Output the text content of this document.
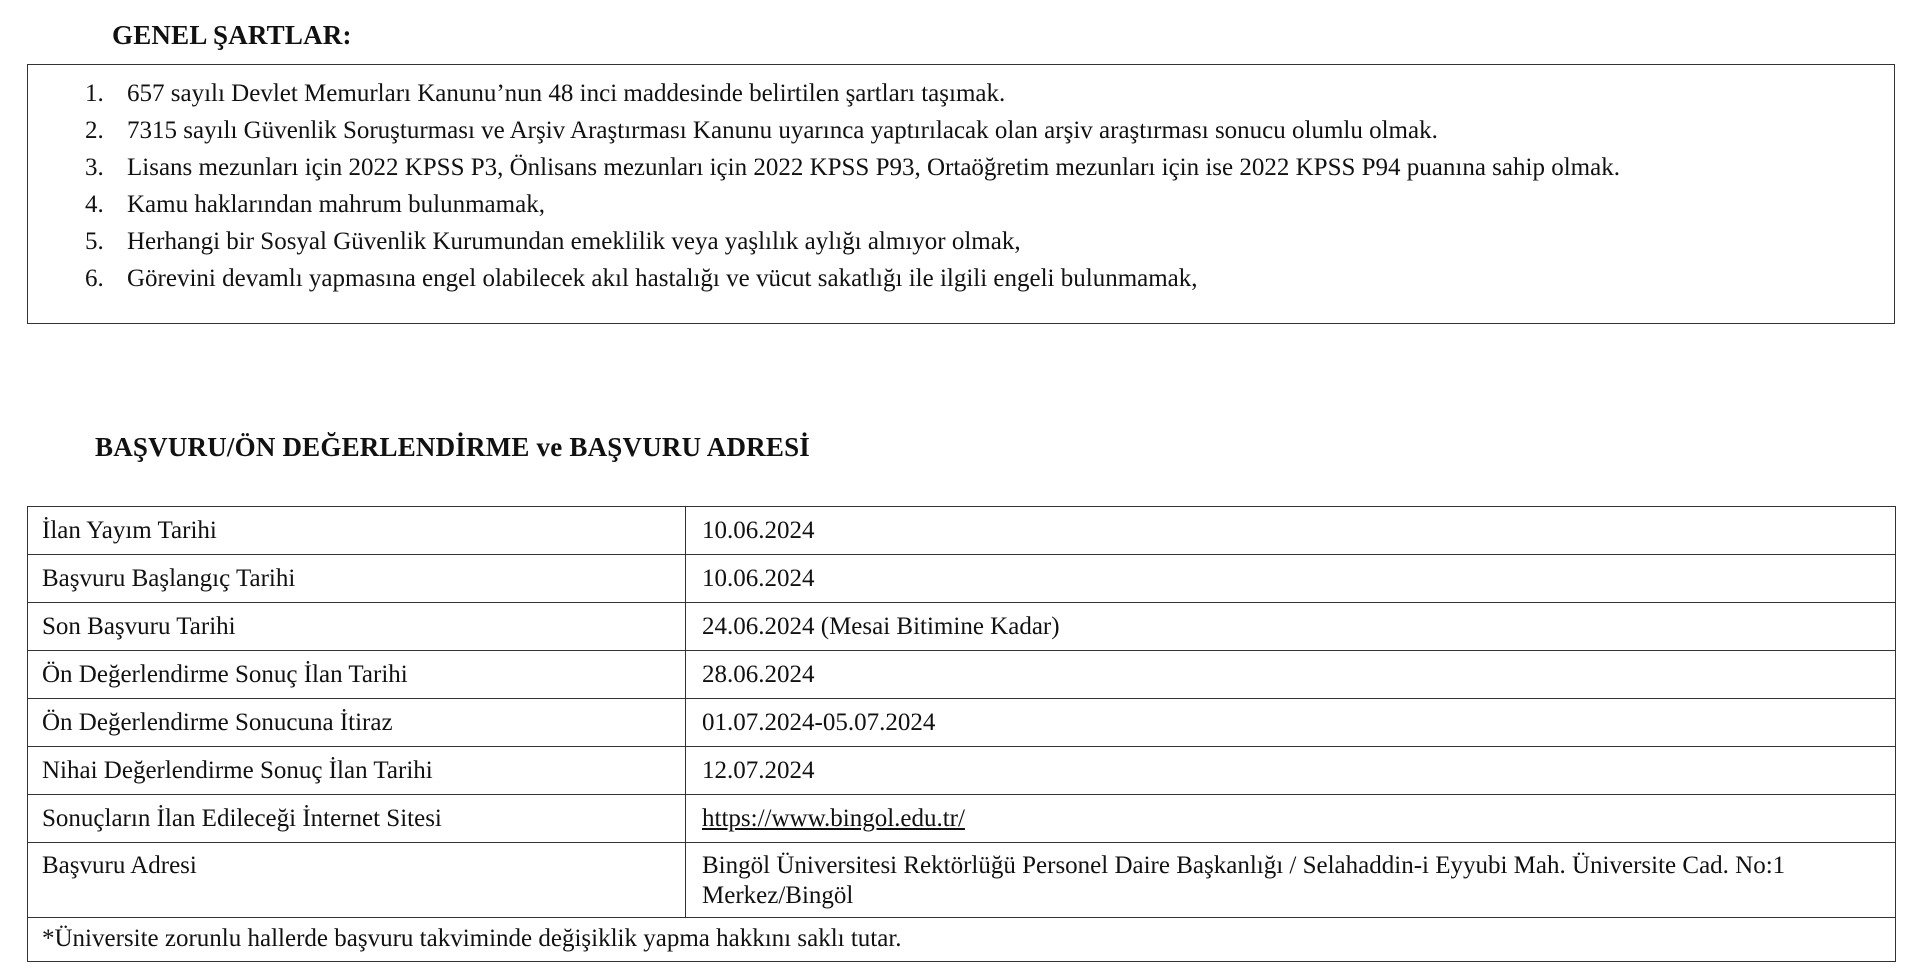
GENEL ŞARTLAR:
1. 657 sayılı Devlet Memurları Kanunu’nun 48 inci maddesinde belirtilen şartları taşımak.
2. 7315 sayılı Güvenlik Soruşturması ve Arşiv Araştırması Kanunu uyarınca yaptırılacak olan arşiv araştırması sonucu olumlu olmak.
3. Lisans mezunları için 2022 KPSS P3, Önlisans mezunları için 2022 KPSS P93, Ortaöğretim mezunları için ise 2022 KPSS P94 puanına sahip olmak.
4. Kamu haklarından mahrum bulunmamak,
5. Herhangi bir Sosyal Güvenlik Kurumundan emeklilik veya yaşlılık aylığı almıyor olmak,
6. Görevini devamlı yapmasına engel olabilecek akıl hastalığı ve vücut sakatlığı ile ilgili engeli bulunmamak,
BAŞVURU/ÖN DEĞERLENDİRME ve BAŞVURU ADRESİ
İlan Yayım Tarihi	10.06.2024
Başvuru Başlangıç Tarihi	10.06.2024
Son Başvuru Tarihi	24.06.2024 (Mesai Bitimine Kadar)
Ön Değerlendirme Sonuç İlan Tarihi	28.06.2024
Ön Değerlendirme Sonucuna İtiraz	01.07.2024-05.07.2024
Nihai Değerlendirme Sonuç İlan Tarihi	12.07.2024
Sonuçların İlan Edileceği İnternet Sitesi	https://www.bingol.edu.tr/
Başvuru Adresi	Bingöl Üniversitesi Rektörlüğü Personel Daire Başkanlığı / Selahaddin-i Eyyubi Mah. Üniversite Cad. No:1 Merkez/Bingöl
*Üniversite zorunlu hallerde başvuru takviminde değişiklik yapma hakkını saklı tutar.	
